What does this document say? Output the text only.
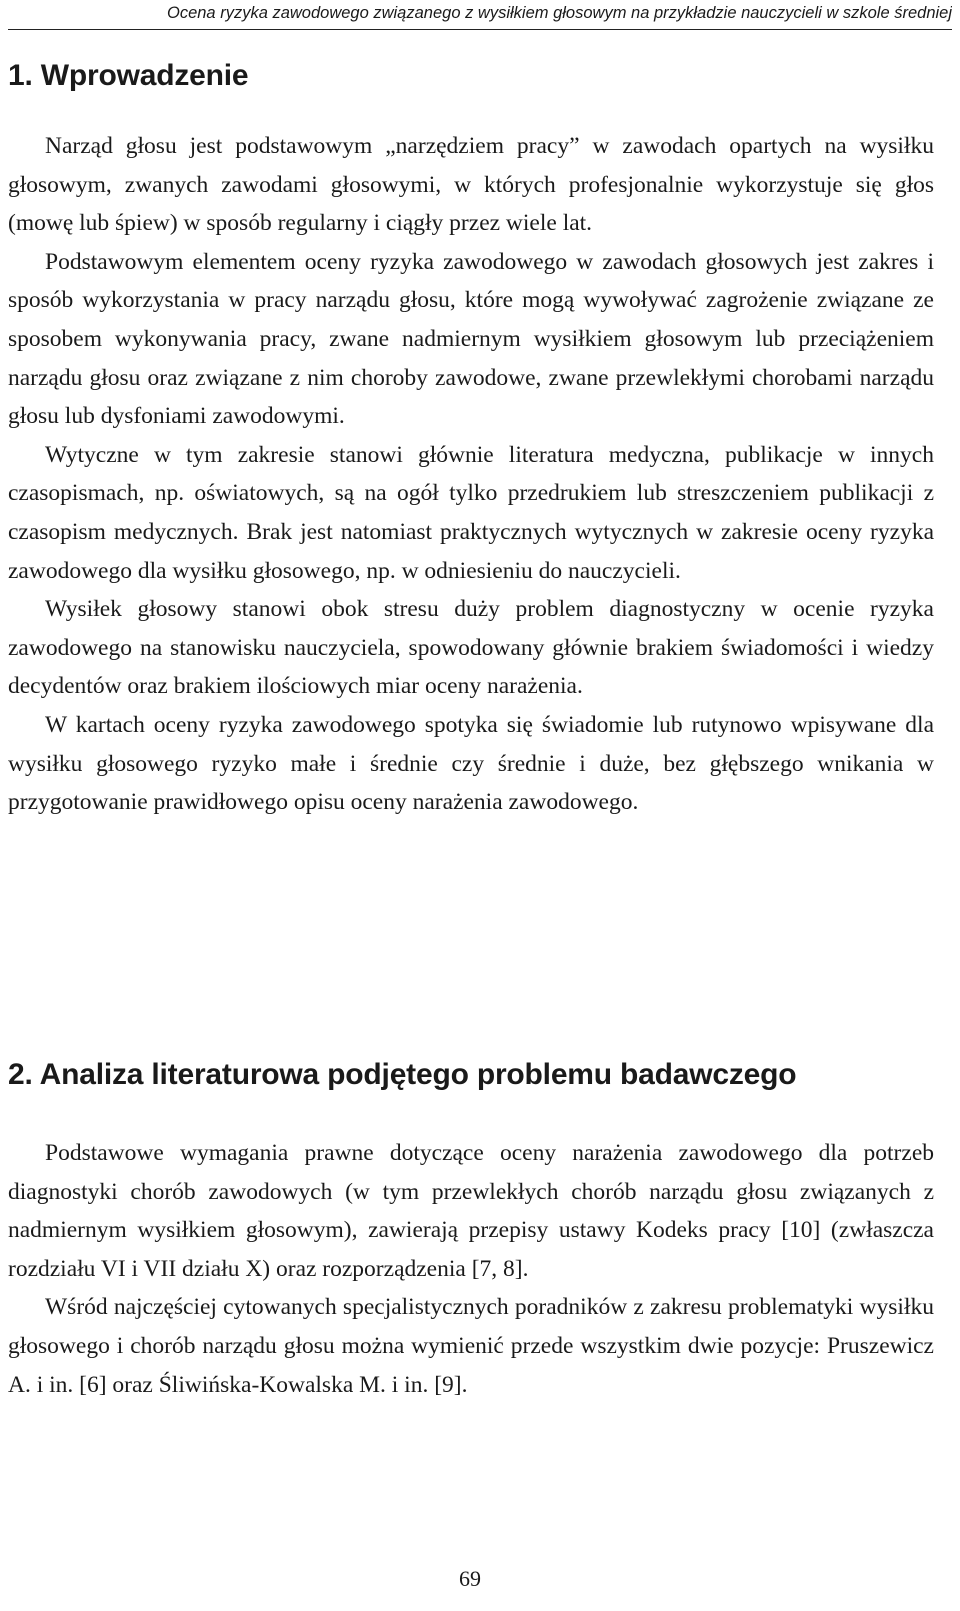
Ocena ryzyka zawodowego związanego z wysiłkiem głosowym na przykładzie nauczycieli w szkole średniej
1. Wprowadzenie

Narząd głosu jest podstawowym „narzędziem pracy” w zawodach opartych na wysiłku głosowym, zwanych zawodami głosowymi, w których profesjonalnie wykorzystuje się głos (mowę lub śpiew) w sposób regularny i ciągły przez wiele lat.

Podstawowym elementem oceny ryzyka zawodowego w zawodach głosowych jest zakres i sposób wykorzystania w pracy narządu głosu, które mogą wywoływać zagrożenie związane ze sposobem wykonywania pracy, zwane nadmiernym wysiłkiem głosowym lub przeciążeniem narządu głosu oraz związane z nim choroby zawodowe, zwane przewlekłymi chorobami narządu głosu lub dysfoniami zawodowymi.

Wytyczne w tym zakresie stanowi głównie literatura medyczna, publikacje w innych czasopismach, np. oświatowych, są na ogół tylko przedrukiem lub streszczeniem publikacji z czasopism medycznych. Brak jest natomiast praktycznych wytycznych w zakresie oceny ryzyka zawodowego dla wysiłku głosowego, np. w odniesieniu do nauczycieli.

Wysiłek głosowy stanowi obok stresu duży problem diagnostyczny w ocenie ryzyka zawodowego na stanowisku nauczyciela, spowodowany głównie brakiem świadomości i wiedzy decydentów oraz brakiem ilościowych miar oceny narażenia.

W kartach oceny ryzyka zawodowego spotyka się świadomie lub rutynowo wpisywane dla wysiłku głosowego ryzyko małe i średnie czy średnie i duże, bez głębszego wnikania w przygotowanie prawidłowego opisu oceny narażenia zawodowego.

2. Analiza literaturowa podjętego problemu badawczego

Podstawowe wymagania prawne dotyczące oceny narażenia zawodowego dla potrzeb diagnostyki chorób zawodowych (w tym przewlekłych chorób narządu głosu związanych z nadmiernym wysiłkiem głosowym), zawierają przepisy ustawy Kodeks pracy [10] (zwłaszcza rozdziału VI i VII działu X) oraz rozporządzenia [7, 8].

Wśród najczęściej cytowanych specjalistycznych poradników z zakresu problematyki wysiłku głosowego i chorób narządu głosu można wymienić przede wszystkim dwie pozycje: Pruszewicz A. i in. [6] oraz Śliwińska-Kowalska M. i in. [9].

69
